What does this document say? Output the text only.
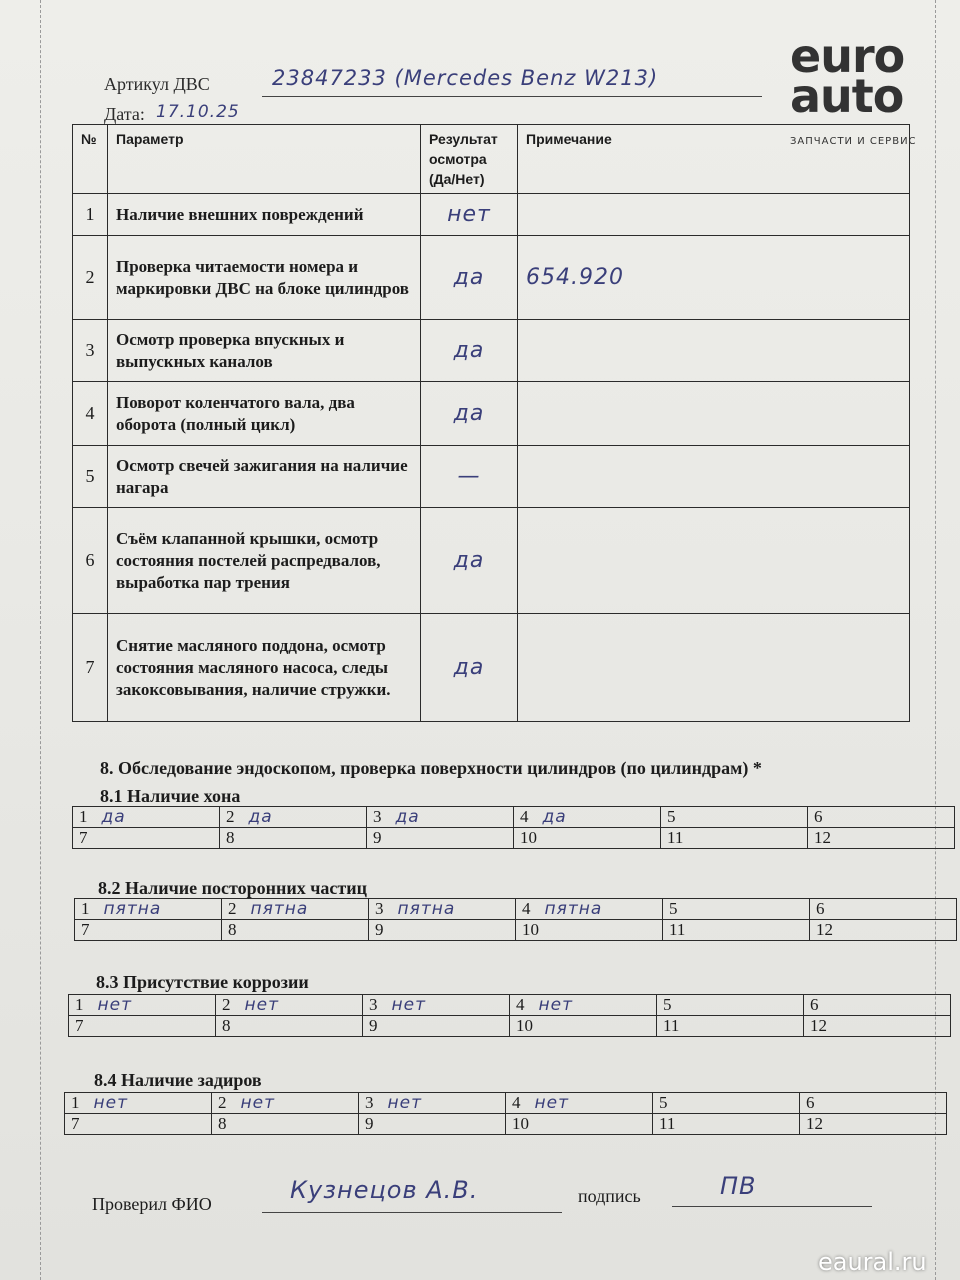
Артикул ДВС	23847233 (Mercedes Benz W213)
Дата: 17.10.25
euro
auto
ЗАПЧАСТИ И СЕРВИС
№	Параметр	Результат осмотра (Да/Нет)	Примечание
1	Наличие внешних повреждений	нет	
2	Проверка читаемости номера и маркировки ДВС на блоке цилиндров	да	654.920
3	Осмотр проверка впускных и выпускных каналов	да	
4	Поворот коленчатого вала, два оборота (полный цикл)	да	
5	Осмотр свечей зажигания на наличие нагара	—	
6	Съём клапанной крышки, осмотр состояния постелей распредвалов, выработка пар трения	да	
7	Снятие масляного поддона, осмотр состояния масляного насоса, следы закоксовывания, наличие стружки.	да	
8. Обследование эндоскопом, проверка поверхности цилиндров (по цилиндрам) *
8.1 Наличие хона
1 да	2 да	3 да	4 да	5	6
7	8	9	10	11	12
8.2 Наличие посторонних частиц
1 пятна	2 пятна	3 пятна	4 пятна	5	6
7	8	9	10	11	12
8.3 Присутствие коррозии
1 нет	2 нет	3 нет	4 нет	5	6
7	8	9	10	11	12
8.4 Наличие задиров
1 нет	2 нет	3 нет	4 нет	5	6
7	8	9	10	11	12
Проверил ФИО	Кузнецов А.В.	подпись	ПВ
eaural.ru
